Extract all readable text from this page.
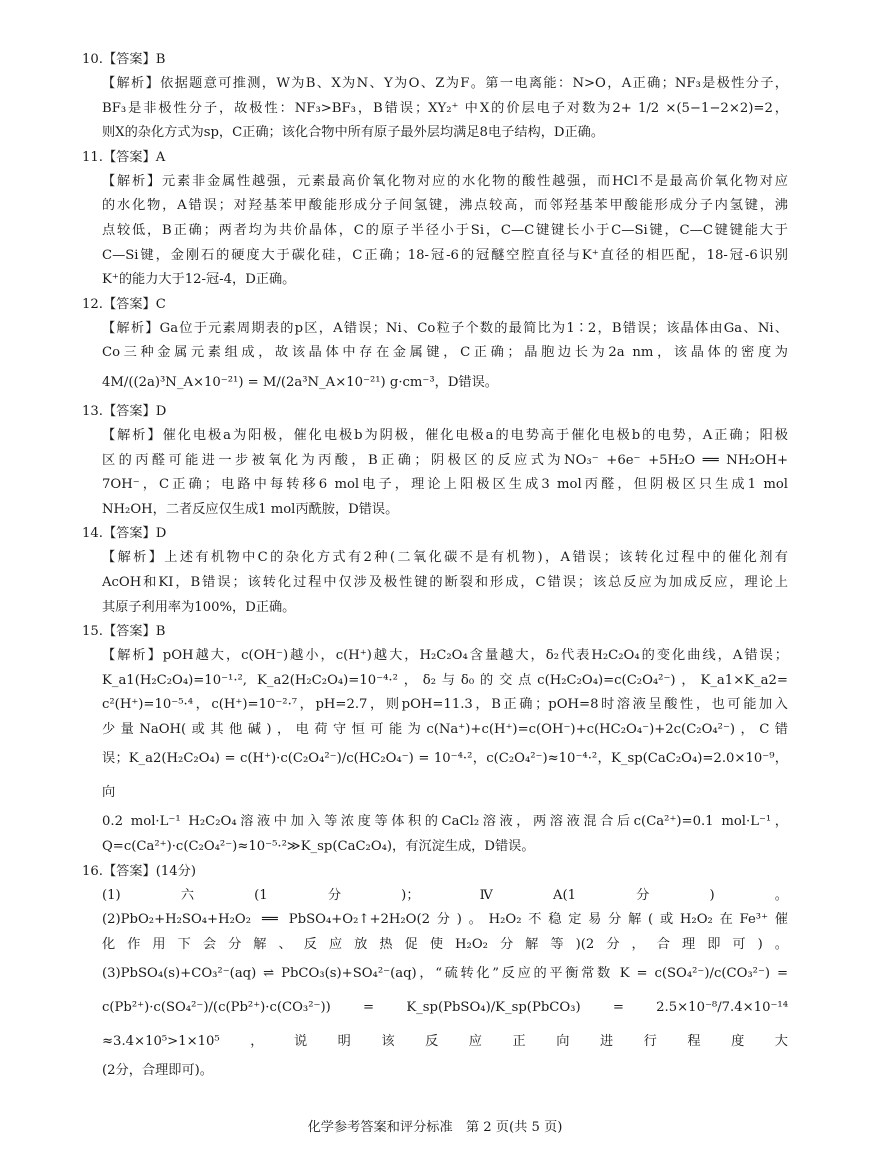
10.【答案】B
【解析】依据题意可推测，W为B、X为N、Y为O、Z为F。第一电离能：N>O，A正确；NF₃是极性分子，
BF₃是非极性分子，故极性：NF₃>BF₃，B错误；XY₂⁺ 中X的价层电子对数为2+ 1/2 ×(5−1−2×2)=2，
则X的杂化方式为sp，C正确；该化合物中所有原子最外层均满足8电子结构，D正确。
11.【答案】A
【解析】元素非金属性越强，元素最高价氧化物对应的水化物的酸性越强，而HCl不是最高价氧化物对应
的水化物，A错误；对羟基苯甲酸能形成分子间氢键，沸点较高，而邻羟基苯甲酸能形成分子内氢键，沸
点较低，B正确；两者均为共价晶体，C的原子半径小于Si，C—C键键长小于C—Si键，C—C键键能大于
C—Si键，金刚石的硬度大于碳化硅，C正确；18-冠-6的冠醚空腔直径与K⁺直径的相匹配，18-冠-6识别
K⁺的能力大于12-冠-4，D正确。
12.【答案】C
【解析】Ga位于元素周期表的p区，A错误；Ni、Co粒子个数的最简比为1∶2，B错误；该晶体由Ga、Ni、
Co三种金属元素组成，故该晶体中存在金属键，C正确；晶胞边长为2a nm，该晶体的密度为
4M/((2a)³N_A×10⁻²¹) = M/(2a³N_A×10⁻²¹) g·cm⁻³，D错误。
13.【答案】D
【解析】催化电极a为阳极，催化电极b为阴极，催化电极a的电势高于催化电极b的电势，A正确；阳极
区的丙醛可能进一步被氧化为丙酸，B正确；阴极区的反应式为NO₃⁻ +6e⁻ +5H₂O ══ NH₂OH+
7OH⁻，C正确；电路中每转移6 mol电子，理论上阳极区生成3 mol丙醛，但阴极区只生成1 mol
NH₂OH，二者反应仅生成1 mol丙酰胺，D错误。
14.【答案】D
【解析】上述有机物中C的杂化方式有2种(二氧化碳不是有机物)，A错误；该转化过程中的催化剂有
AcOH和KI，B错误；该转化过程中仅涉及极性键的断裂和形成，C错误；该总反应为加成反应，理论上
其原子利用率为100%，D正确。
15.【答案】B
【解析】pOH越大，c(OH⁻)越小，c(H⁺)越大，H₂C₂O₄含量越大，δ₂代表H₂C₂O₄的变化曲线，A错误；
K_a1(H₂C₂O₄)=10⁻¹·², K_a2(H₂C₂O₄)=10⁻⁴·²，δ₂与δ₀的交点c(H₂C₂O₄)=c(C₂O₄²⁻)，K_a1×K_a2=
c²(H⁺)=10⁻⁵·⁴，c(H⁺)=10⁻²·⁷，pH=2.7，则pOH=11.3，B正确；pOH=8时溶液呈酸性，也可能加入
少量NaOH(或其他碱)，电荷守恒可能为c(Na⁺)+c(H⁺)=c(OH⁻)+c(HC₂O₄⁻)+2c(C₂O₄²⁻)，C错
误；K_a2(H₂C₂O₄) = c(H⁺)·c(C₂O₄²⁻)/c(HC₂O₄⁻) = 10⁻⁴·²，c(C₂O₄²⁻)≈10⁻⁴·²，K_sp(CaC₂O₄)=2.0×10⁻⁹，向
0.2 mol·L⁻¹ H₂C₂O₄溶液中加入等浓度等体积的CaCl₂溶液，两溶液混合后c(Ca²⁺)=0.1 mol·L⁻¹，
Q=c(Ca²⁺)·c(C₂O₄²⁻)≈10⁻⁵·²≫K_sp(CaC₂O₄)，有沉淀生成，D错误。
16.【答案】(14分)
(1)六(1分)；ⅣA(1分)。
(2)PbO₂+H₂SO₄+H₂O₂ ══ PbSO₄+O₂↑+2H₂O(2分)。H₂O₂不稳定易分解(或H₂O₂在Fe³⁺催
化作用下会分解、反应放热促使H₂O₂分解等)(2分，合理即可)。
(3)PbSO₄(s)+CO₃²⁻(aq) ⇌ PbCO₃(s)+SO₄²⁻(aq)，“硫转化”反应的平衡常数 K = c(SO₄²⁻)/c(CO₃²⁻) =
c(Pb²⁺)·c(SO₄²⁻)/(c(Pb²⁺)·c(CO₃²⁻)) = K_sp(PbSO₄)/K_sp(PbCO₃) = 2.5×10⁻⁸/7.4×10⁻¹⁴ ≈3.4×10⁵>1×10⁵，说明该反应正向进行程度大
(2分，合理即可)。
化学参考答案和评分标准　第 2 页(共 5 页)
